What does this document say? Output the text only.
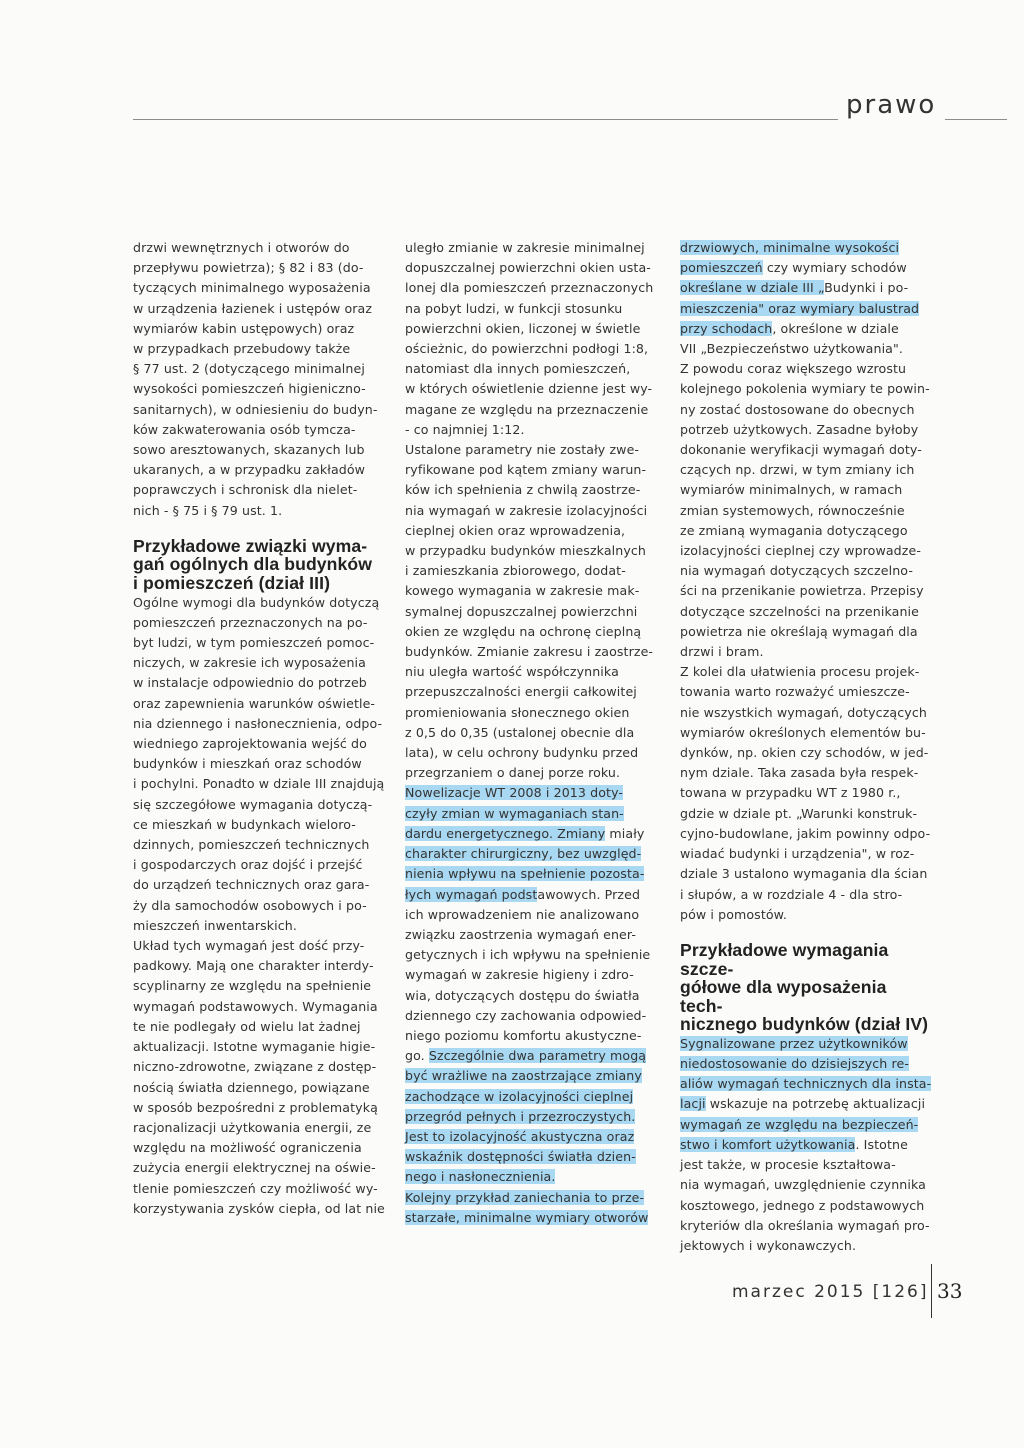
prawo

drzwi wewnętrznych i otworów do

przepływu powietrza); § 82 i 83 (do-

tyczących minimalnego wyposażenia

w urządzenia łazienek i ustępów oraz

wymiarów kabin ustępowych) oraz

w przypadkach przebudowy także

§ 77 ust. 2 (dotyczącego minimalnej

wysokości pomieszczeń higieniczno-

sanitarnych), w odniesieniu do budyn-

ków zakwaterowania osób tymcza-

sowo aresztowanych, skazanych lub

ukaranych, a w przypadku zakładów

poprawczych i schronisk dla nielet-

nich - § 75 i § 79 ust. 1.

Przykładowe związki wyma-
gań ogólnych dla budynków
i pomieszczeń (dział III)

Ogólne wymogi dla budynków dotyczą

pomieszczeń przeznaczonych na po-

byt ludzi, w tym pomieszczeń pomoc-

niczych, w zakresie ich wyposażenia

w instalacje odpowiednio do potrzeb

oraz zapewnienia warunków oświetle-

nia dziennego i nasłonecznienia, odpo-

wiedniego zaprojektowania wejść do

budynków i mieszkań oraz schodów

i pochylni. Ponadto w dziale III znajdują

się szczegółowe wymagania dotyczą-

ce mieszkań w budynkach wieloro-

dzinnych, pomieszczeń technicznych

i gospodarczych oraz dojść i przejść

do urządzeń technicznych oraz gara-

ży dla samochodów osobowych i po-

mieszczeń inwentarskich.

Układ tych wymagań jest dość przy-

padkowy. Mają one charakter interdy-

scyplinarny ze względu na spełnienie

wymagań podstawowych. Wymagania

te nie podlegały od wielu lat żadnej

aktualizacji. Istotne wymaganie higie-

niczno-zdrowotne, związane z dostęp-

nością światła dziennego, powiązane

w sposób bezpośredni z problematyką

racjonalizacji użytkowania energii, ze

względu na możliwość ograniczenia

zużycia energii elektrycznej na oświe-

tlenie pomieszczeń czy możliwość wy-

korzystywania zysków ciepła, od lat nie

uległo zmianie w zakresie minimalnej

dopuszczalnej powierzchni okien usta-

lonej dla pomieszczeń przeznaczonych

na pobyt ludzi, w funkcji stosunku

powierzchni okien, liczonej w świetle

ościeżnic, do powierzchni podłogi 1:8,

natomiast dla innych pomieszczeń,

w których oświetlenie dzienne jest wy-

magane ze względu na przeznaczenie

- co najmniej 1:12.

Ustalone parametry nie zostały zwe-

ryfikowane pod kątem zmiany warun-

ków ich spełnienia z chwilą zaostrze-

nia wymagań w zakresie izolacyjności

cieplnej okien oraz wprowadzenia,

w przypadku budynków mieszkalnych

i zamieszkania zbiorowego, dodat-

kowego wymagania w zakresie mak-

symalnej dopuszczalnej powierzchni

okien ze względu na ochronę cieplną

budynków. Zmianie zakresu i zaostrze-

niu uległa wartość współczynnika

przepuszczalności energii całkowitej

promieniowania słonecznego okien

z 0,5 do 0,35 (ustalonej obecnie dla

lata), w celu ochrony budynku przed

przegrzaniem o danej porze roku.

Nowelizacje WT 2008 i 2013 doty-

czyły zmian w wymaganiach stan-

dardu energetycznego. Zmiany miały

charakter chirurgiczny, bez uwzględ-

nienia wpływu na spełnienie pozosta-

łych wymagań podstawowych. Przed

ich wprowadzeniem nie analizowano

związku zaostrzenia wymagań ener-

getycznych i ich wpływu na spełnienie

wymagań w zakresie higieny i zdro-

wia, dotyczących dostępu do światła

dziennego czy zachowania odpowied-

niego poziomu komfortu akustyczne-

go. Szczególnie dwa parametry mogą

być wrażliwe na zaostrzające zmiany

zachodzące w izolacyjności cieplnej

przegród pełnych i przezroczystych.

Jest to izolacyjność akustyczna oraz

wskaźnik dostępności światła dzien-

nego i nasłonecznienia.

Kolejny przykład zaniechania to prze-

starzałe, minimalne wymiary otworów

drzwiowych, minimalne wysokości

pomieszczeń czy wymiary schodów

określane w dziale III „Budynki i po-

mieszczenia" oraz wymiary balustrad

przy schodach, określone w dziale

VII „Bezpieczeństwo użytkowania".

Z powodu coraz większego wzrostu

kolejnego pokolenia wymiary te powin-

ny zostać dostosowane do obecnych

potrzeb użytkowych. Zasadne byłoby

dokonanie weryfikacji wymagań doty-

czących np. drzwi, w tym zmiany ich

wymiarów minimalnych, w ramach

zmian systemowych, równocześnie

ze zmianą wymagania dotyczącego

izolacyjności cieplnej czy wprowadze-

nia wymagań dotyczących szczelno-

ści na przenikanie powietrza. Przepisy

dotyczące szczelności na przenikanie

powietrza nie określają wymagań dla

drzwi i bram.

Z kolei dla ułatwienia procesu projek-

towania warto rozważyć umieszcze-

nie wszystkich wymagań, dotyczących

wymiarów określonych elementów bu-

dynków, np. okien czy schodów, w jed-

nym dziale. Taka zasada była respek-

towana w przypadku WT z 1980 r.,

gdzie w dziale pt. „Warunki konstruk-

cyjno-budowlane, jakim powinny odpo-

wiadać budynki i urządzenia", w roz-

dziale 3 ustalono wymagania dla ścian

i słupów, a w rozdziale 4 - dla stro-

pów i pomostów.

Przykładowe wymagania szcze-
gółowe dla wyposażenia tech-
nicznego budynków (dział IV)

Sygnalizowane przez użytkowników

niedostosowanie do dzisiejszych re-

aliów wymagań technicznych dla insta-

lacji wskazuje na potrzebę aktualizacji

wymagań ze względu na bezpieczeń-

stwo i komfort użytkowania. Istotne

jest także, w procesie kształtowa-

nia wymagań, uwzględnienie czynnika

kosztowego, jednego z podstawowych

kryteriów dla określania wymagań pro-

jektowych i wykonawczych.

marzec 2015 [126] 33
